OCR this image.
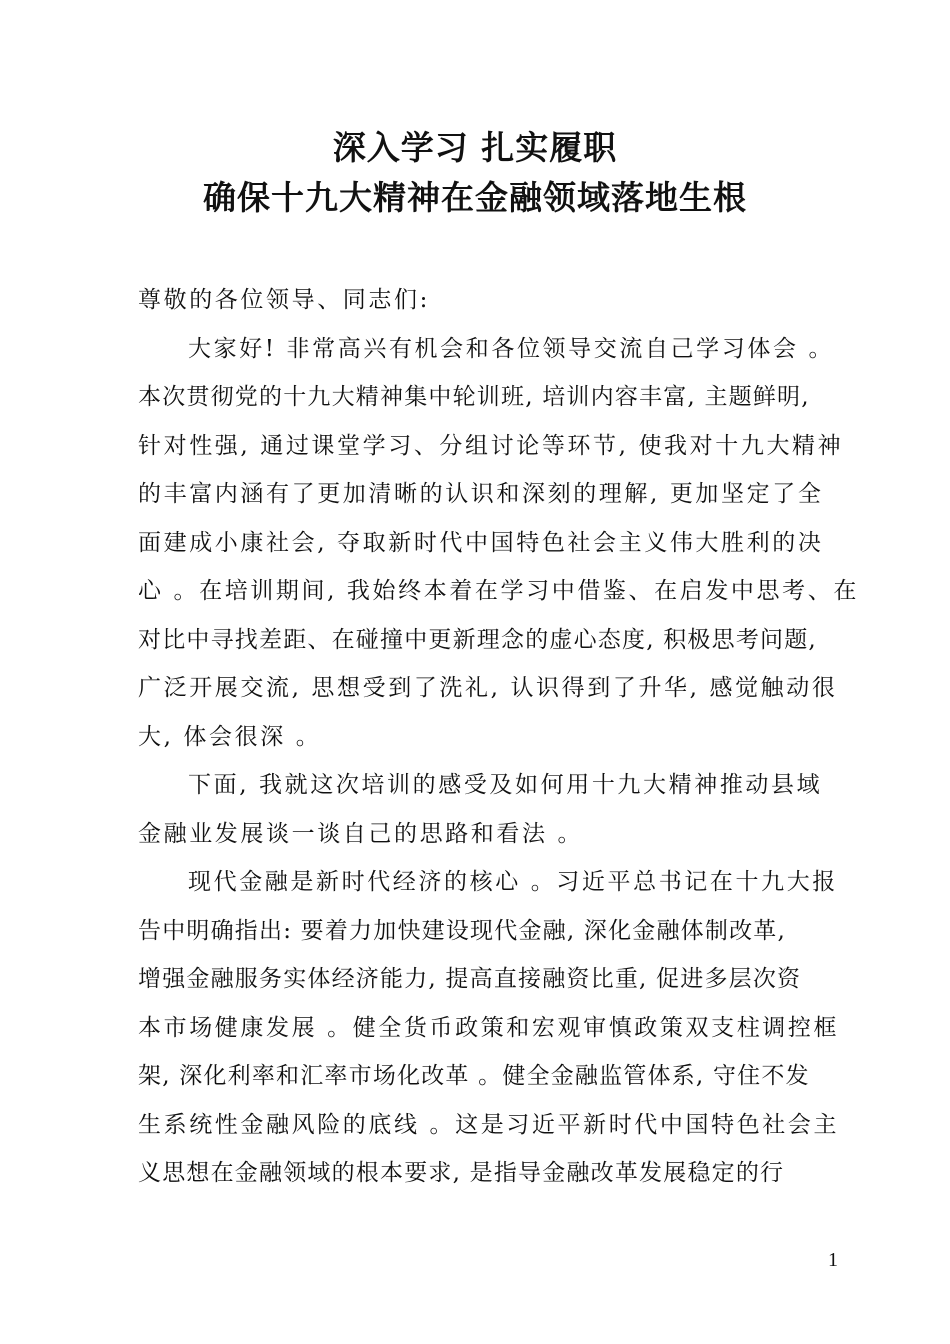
深入学习 扎实履职
确保十九大精神在金融领域落地生根
尊敬的各位领导、同志们:
大家好! 非常高兴有机会和各位领导交流自己学习体会 。
本次贯彻党的十九大精神集中轮训班, 培训内容丰富, 主题鲜明,
针对性强, 通过课堂学习、分组讨论等环节, 使我对十九大精神
的丰富内涵有了更加清晰的认识和深刻的理解, 更加坚定了全
面建成小康社会, 夺取新时代中国特色社会主义伟大胜利的决
心 。在培训期间, 我始终本着在学习中借鉴、在启发中思考、在
对比中寻找差距、在碰撞中更新理念的虚心态度, 积极思考问题,
广泛开展交流, 思想受到了洗礼, 认识得到了升华, 感觉触动很
大, 体会很深 。
下面, 我就这次培训的感受及如何用十九大精神推动县域
金融业发展谈一谈自己的思路和看法 。
现代金融是新时代经济的核心 。习近平总书记在十九大报
告中明确指出: 要着力加快建设现代金融, 深化金融体制改革,
增强金融服务实体经济能力, 提高直接融资比重, 促进多层次资
本市场健康发展 。健全货币政策和宏观审慎政策双支柱调控框
架, 深化利率和汇率市场化改革 。健全金融监管体系, 守住不发
生系统性金融风险的底线 。这是习近平新时代中国特色社会主
义思想在金融领域的根本要求, 是指导金融改革发展稳定的行
1
